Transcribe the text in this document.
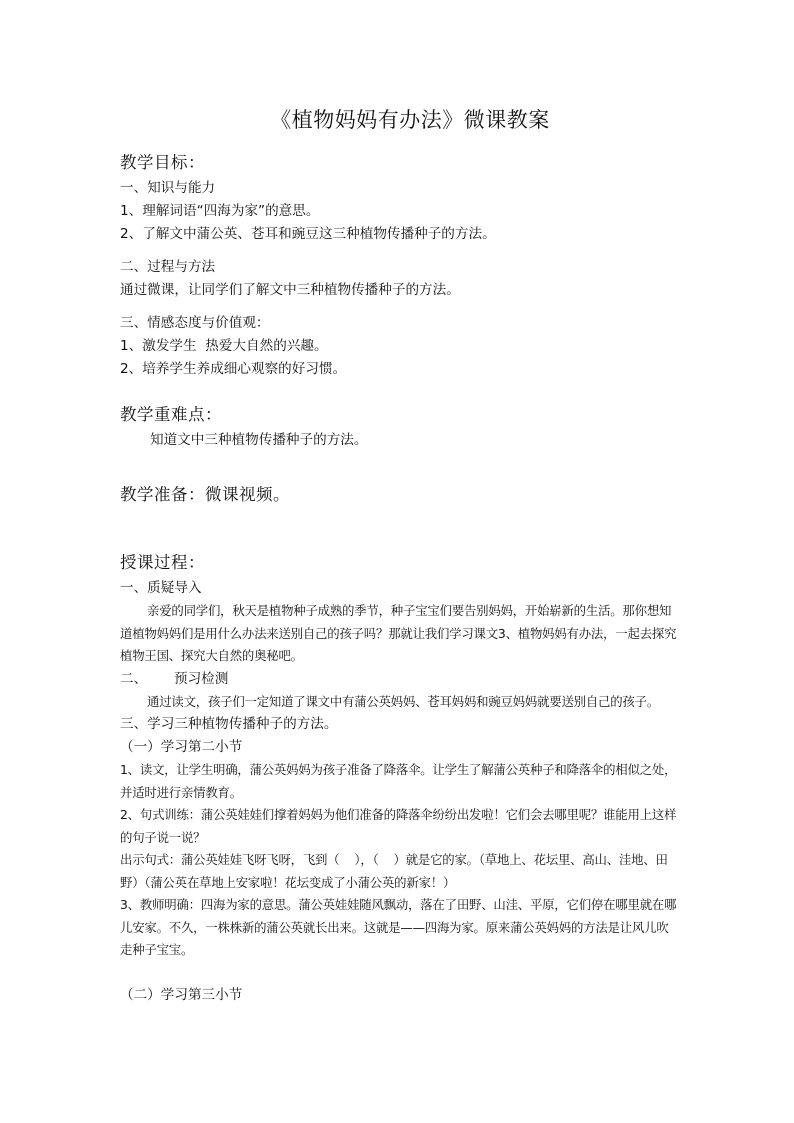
《植物妈妈有办法》微课教案

教学目标：

一、知识与能力

1、理解词语“四海为家”的意思。

2、了解文中蒲公英、苍耳和豌豆这三种植物传播种子的方法。

二、过程与方法

通过微课，让同学们了解文中三种植物传播种子的方法。

三、情感态度与价值观：

1、激发学生  热爱大自然的兴趣。

2、培养学生养成细心观察的好习惯。

教学重难点：

知道文中三种植物传播种子的方法。

教学准备：微课视频。

授课过程：

一、质疑导入

亲爱的同学们，秋天是植物种子成熟的季节，种子宝宝们要告别妈妈，开始崭新的生活。那你想知道植物妈妈们是用什么办法来送别自己的孩子吗？那就让我们学习课文3、植物妈妈有办法，一起去探究植物王国、探究大自然的奥秘吧。

二、 预习检测

通过读文，孩子们一定知道了课文中有蒲公英妈妈、苍耳妈妈和豌豆妈妈就要送别自己的孩子。

三、学习三种植物传播种子的方法。

（一）学习第二小节

1、读文，让学生明确，蒲公英妈妈为孩子准备了降落伞。让学生了解蒲公英种子和降落伞的相似之处，并适时进行亲情教育。

2、句式训练：蒲公英娃娃们撑着妈妈为他们准备的降落伞纷纷出发啦！它们会去哪里呢？谁能用上这样的句子说一说？

出示句式：蒲公英娃娃飞呀飞呀，飞到（    ），（    ）就是它的家。（草地上、花坛里、高山、洼地、田野）（蒲公英在草地上安家啦！花坛变成了小蒲公英的新家！）

3、教师明确：四海为家的意思。蒲公英娃娃随风飘动，落在了田野、山洼、平原，它们停在哪里就在哪儿安家。不久，一株株新的蒲公英就长出来。这就是——四海为家。原来蒲公英妈妈的方法是让风儿吹走种子宝宝。

（二）学习第三小节
